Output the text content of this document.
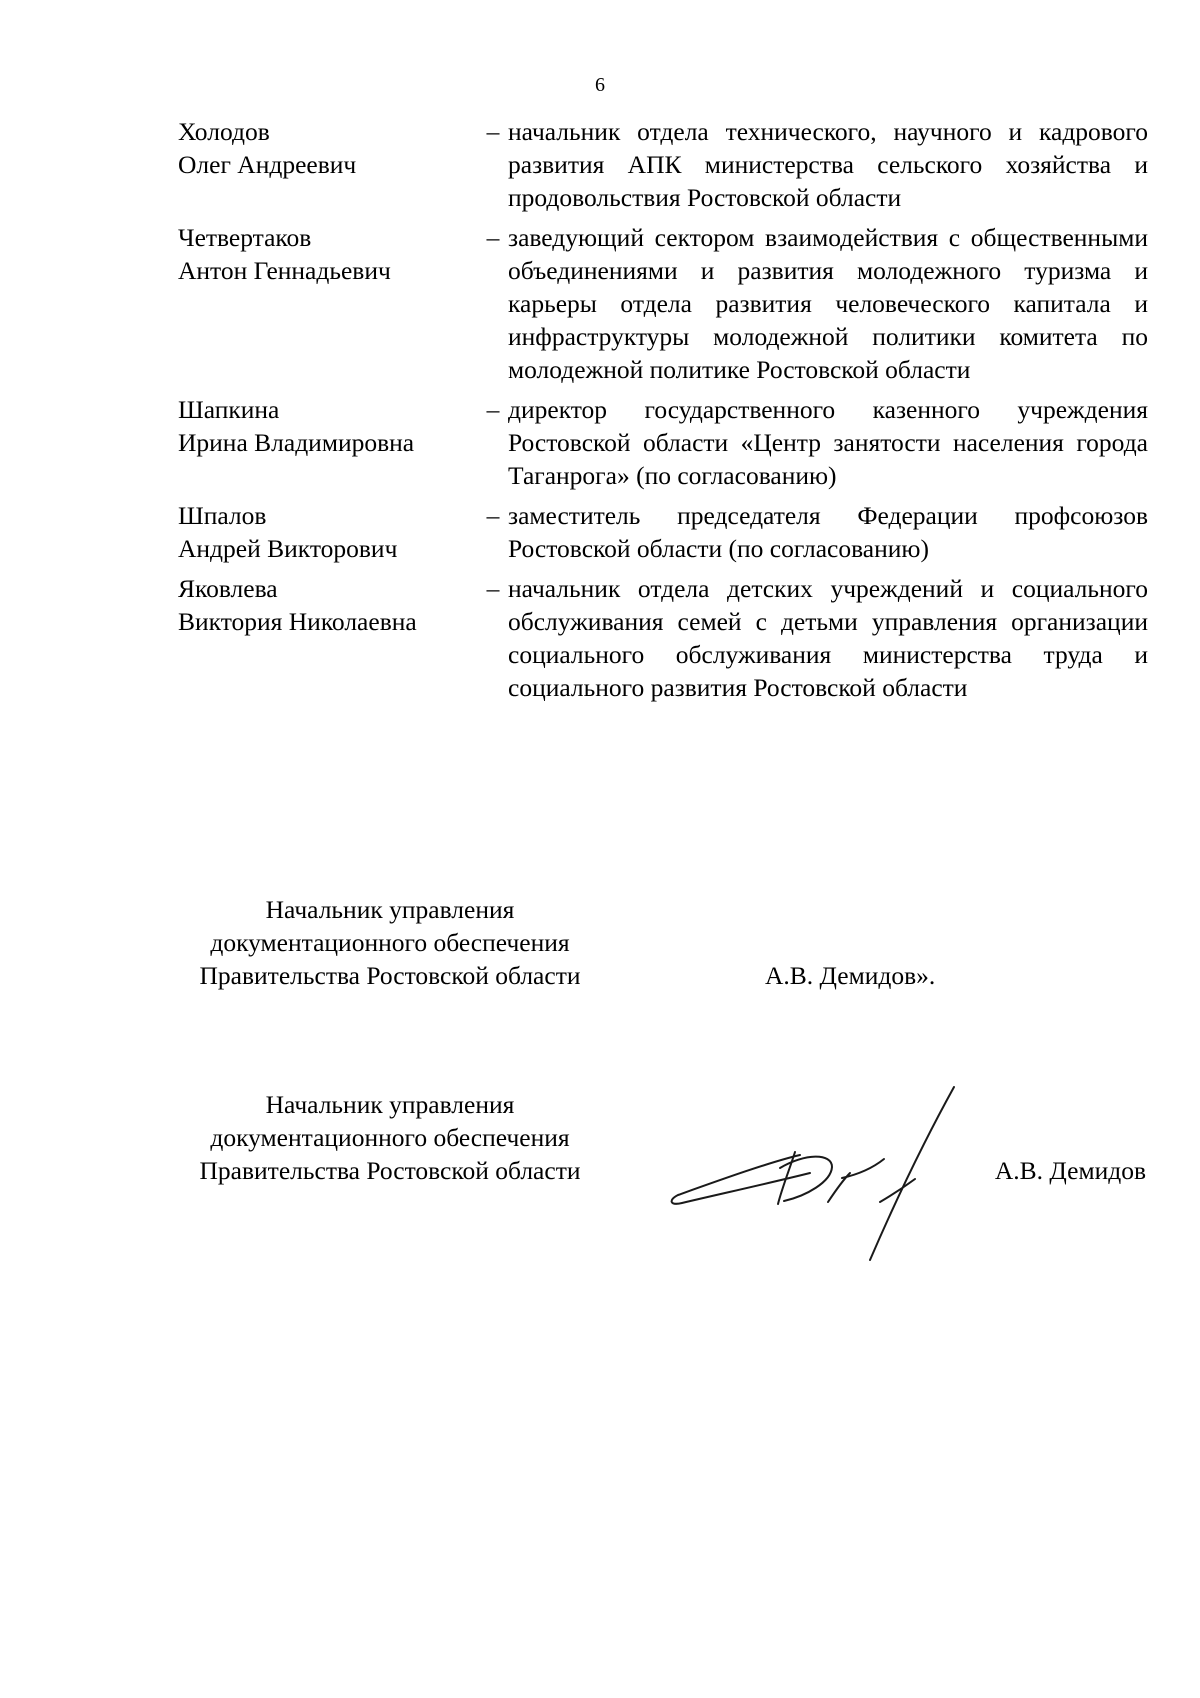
6
Холодов
Олег Андреевич
– начальник отдела технического, научного и кадрового развития АПК министерства сельского хозяйства и продовольствия Ростовской области
Четвертаков
Антон Геннадьевич
– заведующий сектором взаимодействия с общественными объединениями и развития молодежного туризма и карьеры отдела развития человеческого капитала и инфраструктуры молодежной политики комитета по молодежной политике Ростовской области
Шапкина
Ирина Владимировна
– директор государственного казенного учреждения Ростовской области «Центр занятости населения города Таганрога» (по согласованию)
Шпалов
Андрей Викторович
– заместитель председателя Федерации профсоюзов Ростовской области (по согласованию)
Яковлева
Виктория Николаевна
– начальник отдела детских учреждений и социального обслуживания семей с детьми управления организации социального обслуживания министерства труда и социального развития Ростовской области
Начальник управления
документационного обеспечения
Правительства Ростовской области	А.В. Демидов».
Начальник управления
документационного обеспечения
Правительства Ростовской области	А.В. Демидов
